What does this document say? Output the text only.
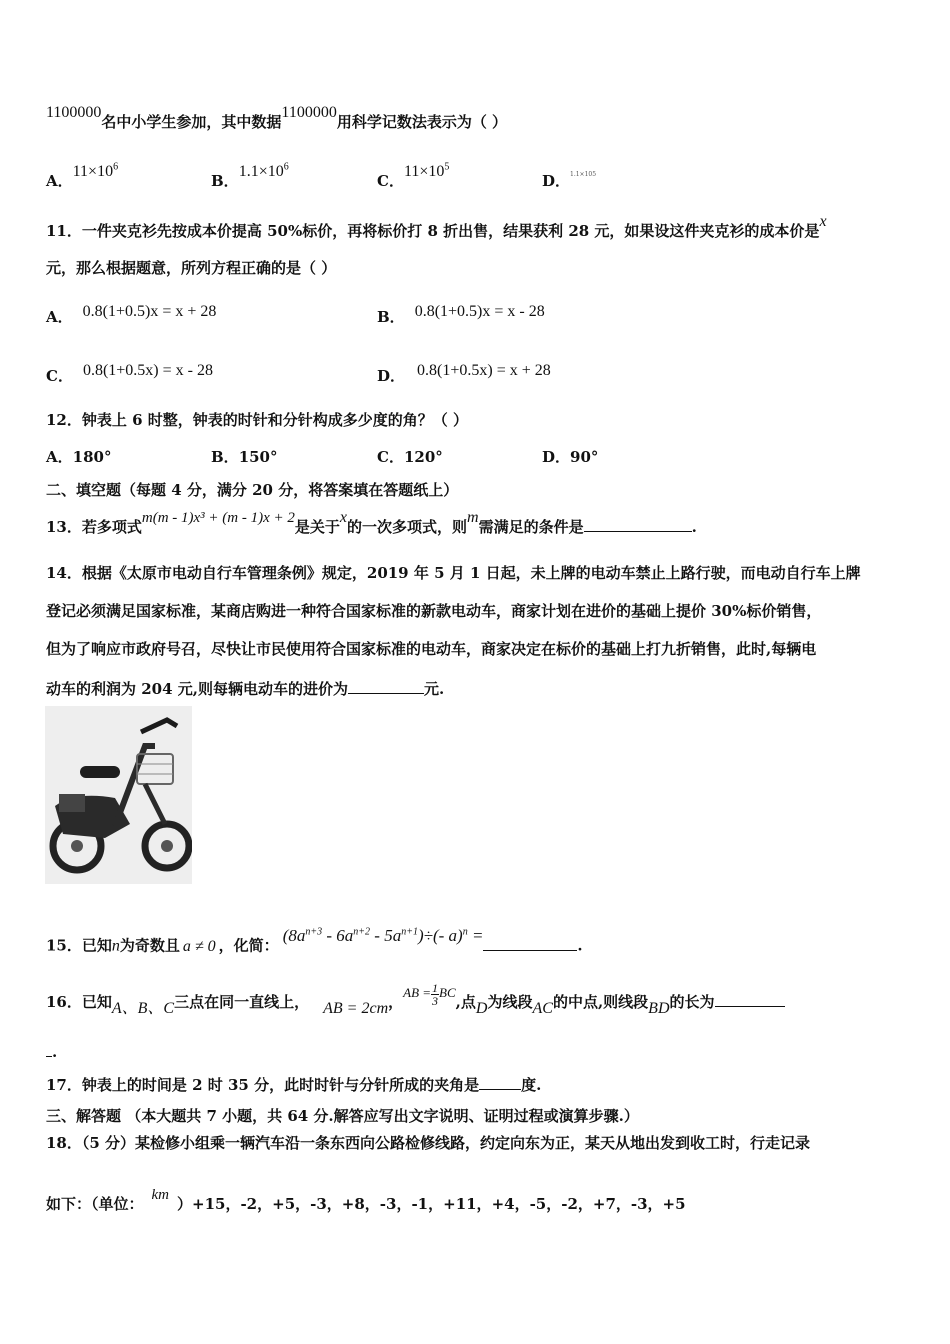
1100000名中小学生参加，其中数据1100000用科学记数法表示为（ ）
A．$11\times 10^6$
B．$1.1\times 10^6$
C．$11\times 10^5$
D．$^{1.1\times 105}$
11．一件夹克衫先按成本价提高 50%标价，再将标价打 8 折出售，结果获利 28 元，如果设这件夹克衫的成本价是x
元，那么根据题意，所列方程正确的是（ ）
A． 0.8(1+0.5)x = x + 28	B． 0.8(1+0.5)x = x - 28
C． 0.8(1+0.5x) = x - 28	D． 0.8(1+0.5x) = x + 28
12．钟表上 6 时整，钟表的时针和分针构成多少度的角？（ ）
A．180°	B．150°	C．120°	D．90°
二、填空题（每题 4 分，满分 20 分，将答案填在答题纸上）
13．若多项式m(m - 1)x³ + (m - 1)x + 2是关于x的一次多项式，则m需满足的条件是	.
14．根据《太原市电动自行车管理条例》规定，2019 年 5 月 1 日起，未上牌的电动车禁止上路行驶，而电动自行车上牌
登记必须满足国家标准，某商店购进一种符合国家标准的新款电动车，商家计划在进价的基础上提价 30%标价销售，
但为了响应市政府号召，尽快让市民使用符合国家标准的电动车，商家决定在标价的基础上打九折销售，此时,每辆电
动车的利润为 204 元,则每辆电动车的进价为	元.
15．已知n为奇数且 a ≠ 0 ，化简：$(8a^{n+3} - 6a^{n+2} - 5a^{n+1})\div(-$ a)$^n$ =.
16．已知A、B、C三点在同一直线上， AB = 2cm，AB = $\frac{1}{3}$ BC,点D为线段AC的中点,则线段BD的长为
.
17．钟表上的时间是 2 时 35 分，此时时针与分针所成的夹角是	度.
三、解答题 （本大题共 7 小题，共 64 分.解答应写出文字说明、证明过程或演算步骤.）
18．（5 分）某检修小组乘一辆汽车沿一条东西向公路检修线路，约定向东为正，某天从地出发到收工时，行走记录
如下：（单位： km ）+15，-2，+5，-3，+8，-3，-1，+11，+4，-5，-2，+7，-3，+5
